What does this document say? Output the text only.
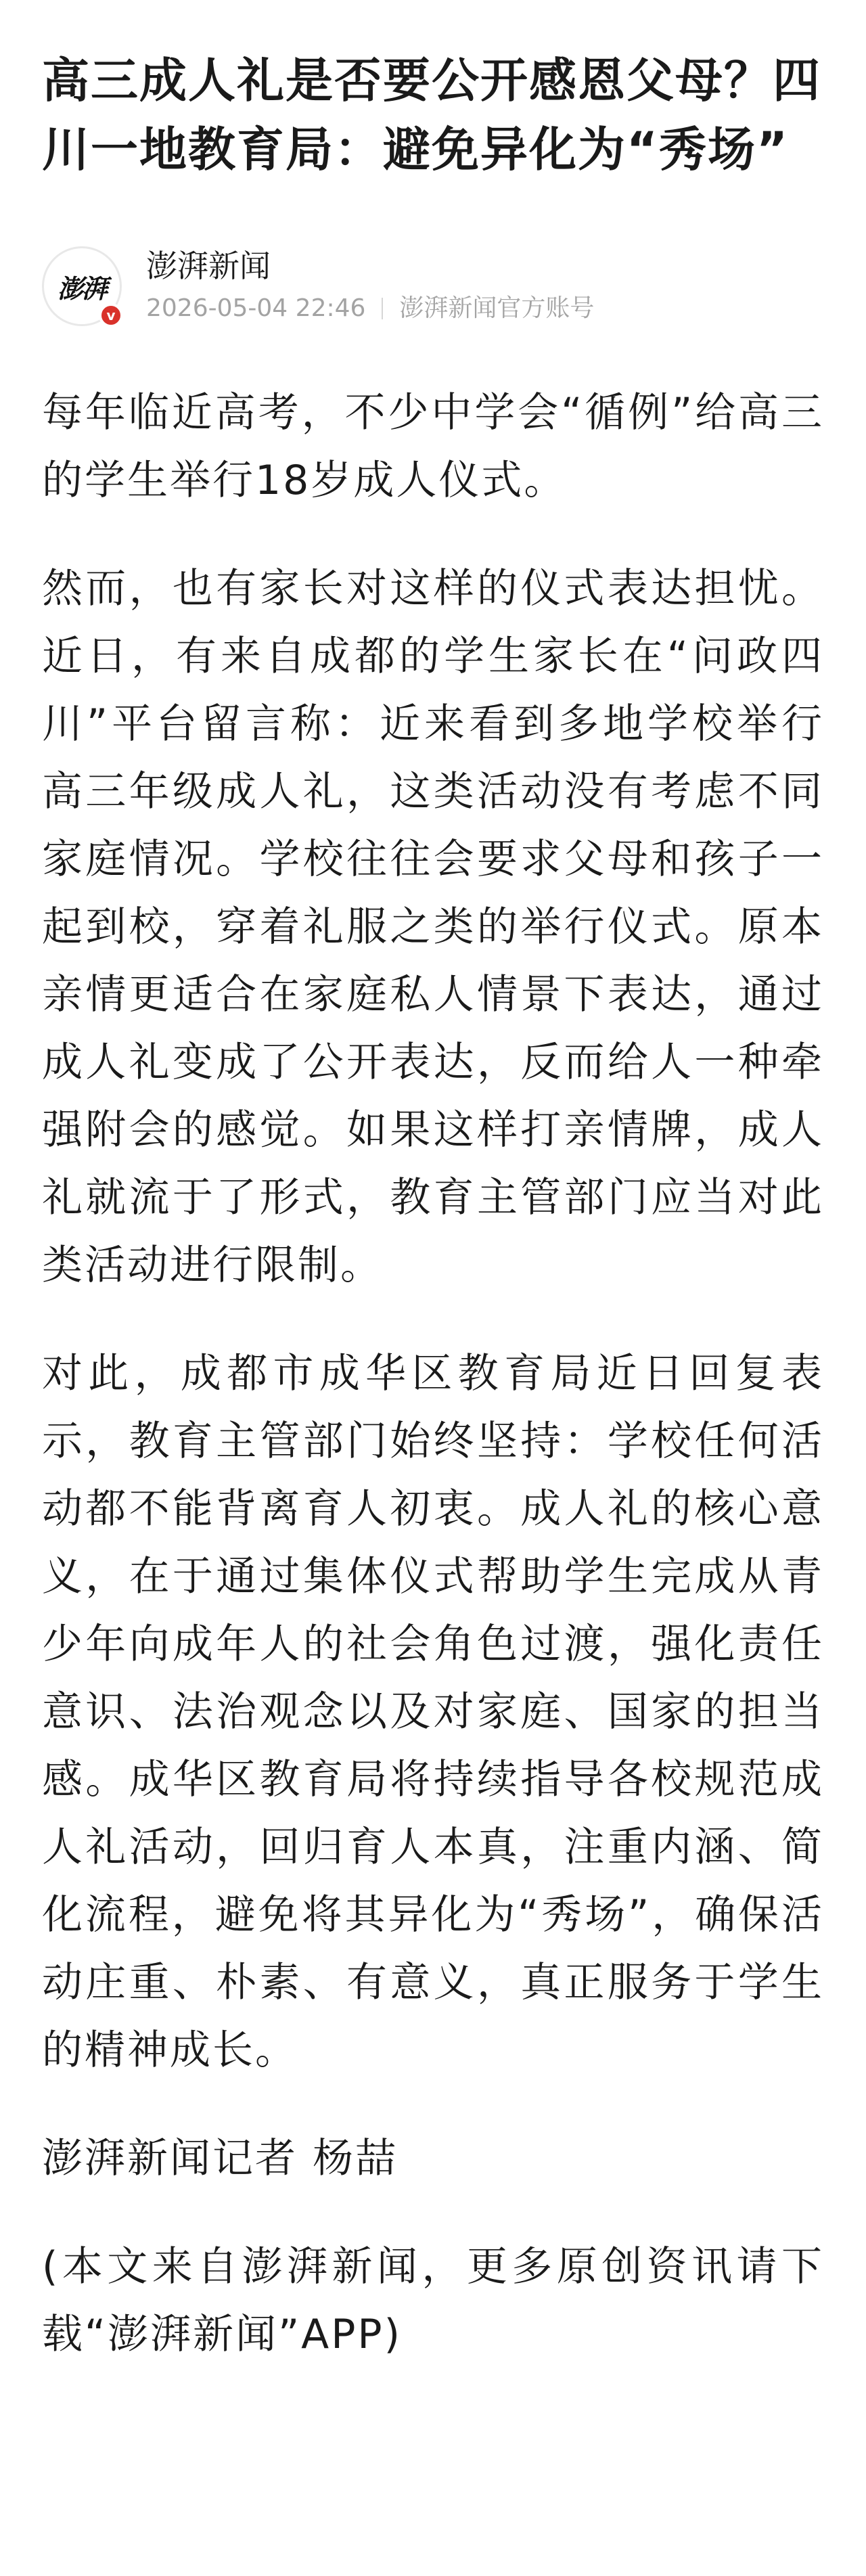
高三成人礼是否要公开感恩父母？四川一地教育局：避免异化为“秀场”
澎湃
v
澎湃新闻
2026-05-04 22:46 澎湃新闻官方账号

每年临近高考，不少中学会“循例”给高三的学生举行18岁成人仪式。

然而，也有家长对这样的仪式表达担忧。近日，有来自成都的学生家长在“问政四川”平台留言称：近来看到多地学校举行高三年级成人礼，这类活动没有考虑不同家庭情况。学校往往会要求父母和孩子一起到校，穿着礼服之类的举行仪式。原本亲情更适合在家庭私人情景下表达，通过成人礼变成了公开表达，反而给人一种牵强附会的感觉。如果这样打亲情牌，成人礼就流于了形式，教育主管部门应当对此类活动进行限制。

对此，成都市成华区教育局近日回复表示，教育主管部门始终坚持：学校任何活动都不能背离育人初衷。成人礼的核心意义，在于通过集体仪式帮助学生完成从青少年向成年人的社会角色过渡，强化责任意识、法治观念以及对家庭、国家的担当感。成华区教育局将持续指导各校规范成人礼活动，回归育人本真，注重内涵、简化流程，避免将其异化为“秀场”，确保活动庄重、朴素、有意义，真正服务于学生的精神成长。

澎湃新闻记者 杨喆

(本文来自澎湃新闻，更多原创资讯请下载“澎湃新闻”APP)
